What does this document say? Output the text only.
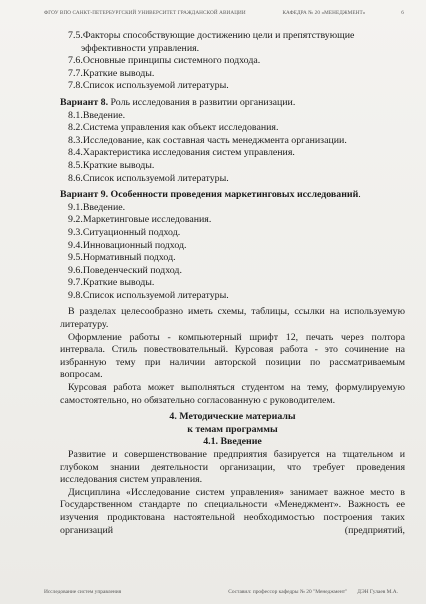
ФГОУ ВПО САНКТ-ПЕТЕРБУРГСКИЙ УНИВЕРСИТЕТ ГРАЖДАНСКОЙ АВИАЦИИ	КАФЕДРА № 20 «МЕНЕДЖМЕНТ»	6
7.5.Факторы способствующие достижению цели и препятствующие
эффективности управления.
7.6.Основные принципы системного подхода.
7.7.Краткие выводы.
7.8.Список используемой литературы.
Вариант 8. Роль исследования в развитии организации.
8.1.Введение.
8.2.Система управления как объект исследования.
8.3.Исследование, как составная часть менеджмента организации.
8.4.Характеристика исследования систем управления.
8.5.Краткие выводы.
8.6.Список используемой литературы.
Вариант 9. Особенности проведения маркетинговых исследований.
9.1.Введение.
9.2.Маркетинговые исследования.
9.3.Ситуационный подход.
9.4.Инновационный подход.
9.5.Нормативный подход.
9.6.Поведенческий подход.
9.7.Краткие выводы.
9.8.Список используемой литературы.
В разделах целесообразно иметь схемы, таблицы, ссылки на используемую
литературу.
Оформление работы - компьютерный шрифт 12, печать через полтора
интервала. Стиль повествовательный. Курсовая работа - это сочинение на
избранную тему при наличии авторской позиции по рассматриваемым
вопросам.
Курсовая работа может выполняться студентом на тему, формулируемую
самостоятельно, но обязательно согласованную с руководителем.
4. Методические материалы
к темам программы
4.1. Введение
Развитие и совершенствование предприятия базируется на тщательном и
глубоком знании деятельности организации, что требует проведения
исследования систем управления.
Дисциплина «Исследование систем управления» занимает важное место в
Государственном стандарте по специальности «Менеджмент». Важность ее
изучения продиктована настоятельной необходимостью построения таких
организаций	(предприятий,
Исследование систем управления	Составил: профессор кафедры № 20 "Менеджмент" ДЭН Гулаев М.А.
